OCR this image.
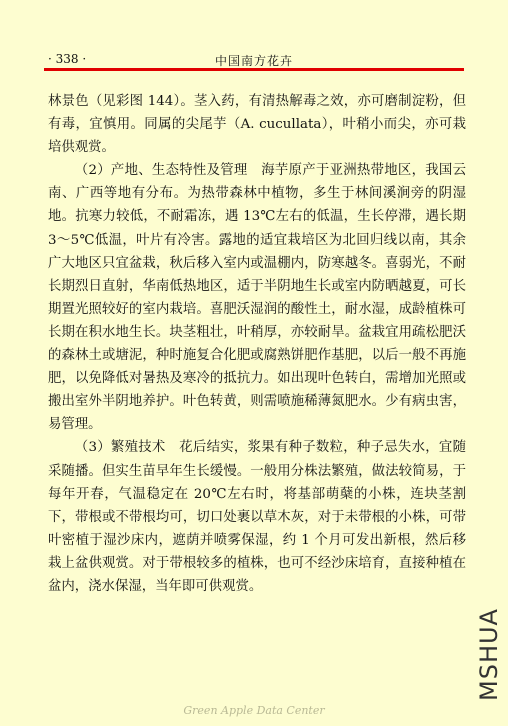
· 338 ·	中国南方花卉

林景色（见彩图 144）。茎入药，有清热解毒之效，亦可磨制淀粉，但有毒，宜慎用。同属的尖尾芋（A. cucullata），叶稍小而尖，亦可栽培供观赏。

（2）产地、生态特性及管理　海芋原产于亚洲热带地区，我国云南、广西等地有分布。为热带森林中植物，多生于林间溪涧旁的阴湿地。抗寒力较低，不耐霜冻，遇 13℃左右的低温，生长停滞，遇长期 3～5℃低温，叶片有冷害。露地的适宜栽培区为北回归线以南，其余广大地区只宜盆栽，秋后移入室内或温棚内，防寒越冬。喜弱光，不耐长期烈日直射，华南低热地区，适于半阴地生长或室内防晒越夏，可长期置光照较好的室内栽培。喜肥沃湿润的酸性土，耐水湿，成龄植株可长期在积水地生长。块茎粗壮，叶稍厚，亦较耐旱。盆栽宜用疏松肥沃的森林土或塘泥，种时施复合化肥或腐熟饼肥作基肥，以后一般不再施肥，以免降低对暑热及寒冷的抵抗力。如出现叶色转白，需增加光照或搬出室外半阴地养护。叶色转黄，则需喷施稀薄氮肥水。少有病虫害，易管理。

（3）繁殖技术　花后结实，浆果有种子数粒，种子忌失水，宜随采随播。但实生苗早年生长缓慢。一般用分株法繁殖，做法较简易，于每年开春，气温稳定在 20℃左右时，将基部萌蘖的小株，连块茎割下，带根或不带根均可，切口处裹以草木灰，对于未带根的小株，可带叶密植于湿沙床内，遮荫并喷雾保湿，约 1 个月可发出新根，然后移栽上盆供观赏。对于带根较多的植株，也可不经沙床培育，直接种植在盆内，浇水保湿，当年即可供观赏。

MSHUA
Green Apple Data Center
